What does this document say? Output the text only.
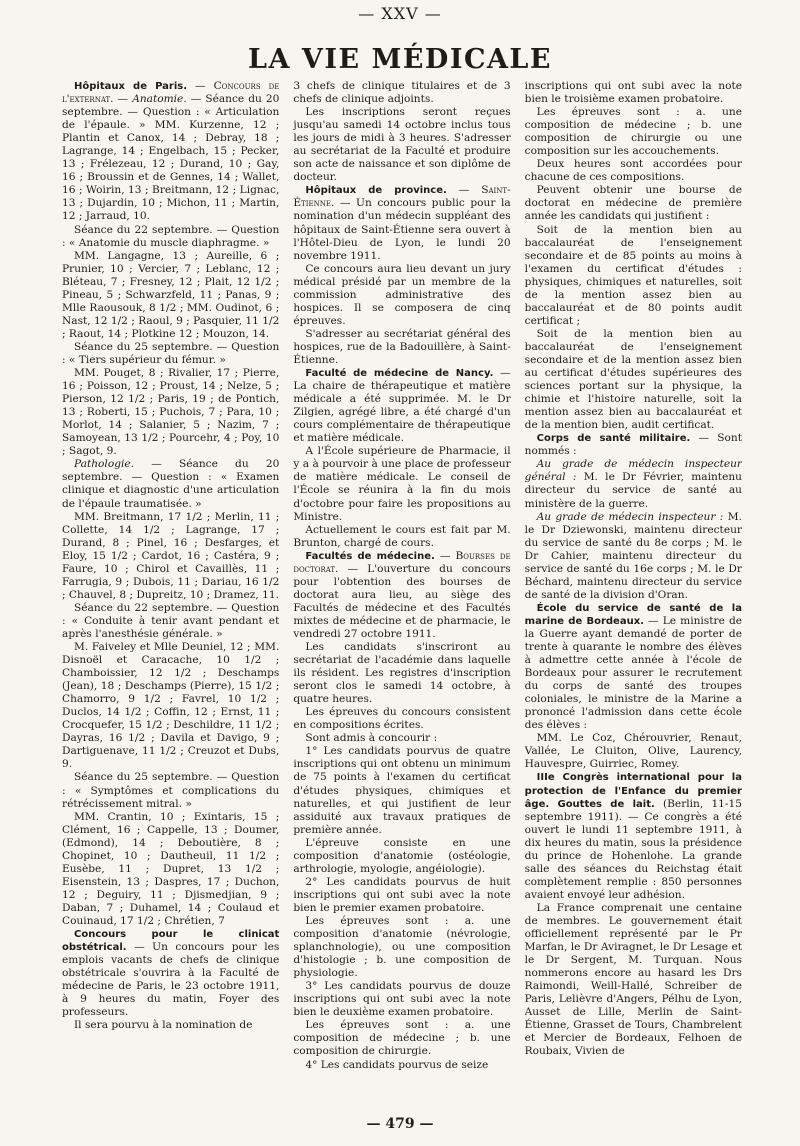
— XXV —
LA VIE MÉDICALE

Hôpitaux de Paris. — Concours de l'externat. — Anatomie. — Séance du 20 septembre. — Question : « Articulation de l'épaule. » MM. Kurzenne, 12 ; Plantin et Canox, 14 ; Debray, 18 ; Lagrange, 14 ; Engelbach, 15 ; Pecker, 13 ; Frélezeau, 12 ; Durand, 10 ; Gay, 16 ; Broussin et de Gennes, 14 ; Wallet, 16 ; Woirin, 13 ; Breitmann, 12 ; Lignac, 13 ; Dujardin, 10 ; Michon, 11 ; Martin, 12 ; Jarraud, 10.

Séance du 22 septembre. — Question : « Anatomie du muscle diaphragme. »

MM. Langagne, 13 ; Aureille, 6 ; Prunier, 10 ; Vercier, 7 ; Leblanc, 12 ; Bléteau, 7 ; Fresney, 12 ; Plait, 12 1/2 ; Pineau, 5 ; Schwarzfeld, 11 ; Panas, 9 ; Mlle Raousouk, 8 1/2 ; MM. Oudinot, 6 ; Nast, 12 1/2 ; Raoul, 9 ; Pasquier, 11 1/2 ; Raout, 14 ; Plotkine 12 ; Mouzon, 14.

Séance du 25 septembre. — Question : « Tiers supérieur du fémur. »

MM. Pouget, 8 ; Rivalier, 17 ; Pierre, 16 ; Poisson, 12 ; Proust, 14 ; Nelze, 5 ; Pierson, 12 1/2 ; Paris, 19 ; de Pontich, 13 ; Roberti, 15 ; Puchois, 7 ; Para, 10 ; Morlot, 14 ; Salanier, 5 ; Nazim, 7 ; Samoyean, 13 1/2 ; Pourcehr, 4 ; Poy, 10 ; Sagot, 9.

Pathologie. — Séance du 20 septembre. — Question : « Examen clinique et diagnostic d'une articulation de l'épaule traumatisée. »

MM. Breitmann, 17 1/2 ; Merlin, 11 ; Collette, 14 1/2 ; Lagrange, 17 ; Durand, 8 ; Pinel, 16 ; Desfarges, et Eloy, 15 1/2 ; Cardot, 16 ; Castéra, 9 ; Faure, 10 ; Chirol et Cavaillès, 11 ; Farrugia, 9 ; Dubois, 11 ; Dariau, 16 1/2 ; Chauvel, 8 ; Dupreitz, 10 ; Dramez, 11.

Séance du 22 septembre. — Question : « Conduite à tenir avant pendant et après l'anesthésie générale. »

M. Faiveley et Mlle Deuniel, 12 ; MM. Disnoël et Caracache, 10 1/2 ; Chamboissier, 12 1/2 ; Deschamps (Jean), 18 ; Deschamps (Pierre), 15 1/2 ; Chamorro, 9 1/2 ; Favrel, 10 1/2 ; Duclos, 14 1/2 ; Coffin, 12 ; Ernst, 11 ; Crocquefer, 15 1/2 ; Deschildre, 11 1/2 ; Dayras, 16 1/2 ; Davila et Davigo, 9 ; Dartiguenave, 11 1/2 ; Creuzot et Dubs, 9.

Séance du 25 septembre. — Question : « Symptômes et complications du rétrécissement mitral. »

MM. Crantin, 10 ; Exintaris, 15 ; Clément, 16 ; Cappelle, 13 ; Doumer, (Edmond), 14 ; Deboutière, 8 ; Chopinet, 10 ; Dautheuil, 11 1/2 ; Eusèbe, 11 ; Dupret, 13 1/2 ; Eisenstein, 13 ; Daspres, 17 ; Duchon, 12 ; Deguiry, 11 ; Djismedjian, 9 ; Daban, 7 ; Duhamel, 14 ; Coulaud et Couinaud, 17 1/2 ; Chrétien, 7

Concours pour le clinicat obstétrical. — Un concours pour les emplois vacants de chefs de clinique obstétricale s'ouvrira à la Faculté de médecine de Paris, le 23 octobre 1911, à 9 heures du matin, Foyer des professeurs.

Il sera pourvu à la nomination de

3 chefs de clinique titulaires et de 3 chefs de clinique adjoints.

Les inscriptions seront reçues jusqu'au samedi 14 octobre inclus tous les jours de midi à 3 heures. S'adresser au secrétariat de la Faculté et produire son acte de naissance et son diplôme de docteur.

Hôpitaux de province. — Saint-Étienne. — Un concours public pour la nomination d'un médecin suppléant des hôpitaux de Saint-Étienne sera ouvert à l'Hôtel-Dieu de Lyon, le lundi 20 novembre 1911.

Ce concours aura lieu devant un jury médical présidé par un membre de la commission administrative des hospices. Il se composera de cinq épreuves.

S'adresser au secrétariat général des hospices, rue de la Badouillère, à Saint-Étienne.

Faculté de médecine de Nancy. — La chaire de thérapeutique et matière médicale a été supprimée. M. le Dr Zilgien, agrégé libre, a été chargé d'un cours complémentaire de thérapeutique et matière médicale.

A l'École supérieure de Pharmacie, il y a à pourvoir à une place de professeur de matière médicale. Le conseil de l'École se réunira à la fin du mois d'octobre pour faire les propositions au Ministre.

Actuellement le cours est fait par M. Brunton, chargé de cours.

Facultés de médecine. — Bourses de doctorat. — L'ouverture du concours pour l'obtention des bourses de doctorat aura lieu, au siège des Facultés de médecine et des Facultés mixtes de médecine et de pharmacie, le vendredi 27 octobre 1911.

Les candidats s'inscriront au secrétariat de l'académie dans laquelle ils résident. Les registres d'inscription seront clos le samedi 14 octobre, à quatre heures.

Les épreuves du concours consistent en compositions écrites.

Sont admis à concourir :

1° Les candidats pourvus de quatre inscriptions qui ont obtenu un minimum de 75 points à l'examen du certificat d'études physiques, chimiques et naturelles, et qui justifient de leur assiduité aux travaux pratiques de première année.

L'épreuve consiste en une composition d'anatomie (ostéologie, arthrologie, myologie, angéiologie).

2° Les candidats pourvus de huit inscriptions qui ont subi avec la note bien le premier examen probatoire.

Les épreuves sont : a. une composition d'anatomie (névrologie, splanchnologie), ou une composition d'histologie ; b. une composition de physiologie.

3° Les candidats pourvus de douze inscriptions qui ont subi avec la note bien le deuxième examen probatoire.

Les épreuves sont : a. une composition de médecine ; b. une composition de chirurgie.

4° Les candidats pourvus de seize

inscriptions qui ont subi avec la note bien le troisième examen probatoire.

Les épreuves sont : a. une composition de médecine ; b. une composition de chirurgie ou une composition sur les accouchements.

Deux heures sont accordées pour chacune de ces compositions.

Peuvent obtenir une bourse de doctorat en médecine de première année les candidats qui justifient :

Soit de la mention bien au baccalauréat de l'enseignement secondaire et de 85 points au moins à l'examen du certificat d'études : physiques, chimiques et naturelles, soit de la mention assez bien au baccalauréat et de 80 points audit certificat ;

Soit de la mention bien au baccalauréat de l'enseignement secondaire et de la mention assez bien au certificat d'études supérieures des sciences portant sur la physique, la chimie et l'histoire naturelle, soit la mention assez bien au baccalauréat et de la mention bien, audit certificat.

Corps de santé militaire. — Sont nommés :

Au grade de médecin inspecteur général : M. le Dr Février, maintenu directeur du service de santé au ministère de la guerre.

Au grade de médecin inspecteur : M. le Dr Dziewonski, maintenu directeur du service de santé du 8e corps ; M. le Dr Cahier, maintenu directeur du service de santé du 16e corps ; M. le Dr Béchard, maintenu directeur du service de santé de la division d'Oran.

École du service de santé de la marine de Bordeaux. — Le ministre de la Guerre ayant demandé de porter de trente à quarante le nombre des élèves à admettre cette année à l'école de Bordeaux pour assurer le recrutement du corps de santé des troupes coloniales, le ministre de la Marine a prononcé l'admission dans cette école des élèves :

MM. Le Coz, Chérouvrier, Renaut, Vallée, Le Cluiton, Olive, Laurency, Hauvespre, Guirriec, Romey.

IIIe Congrès international pour la protection de l'Enfance du premier âge. Gouttes de lait. (Berlin, 11-15 septembre 1911). — Ce congrès a été ouvert le lundi 11 septembre 1911, à dix heures du matin, sous la présidence du prince de Hohenlohe. La grande salle des séances du Reichstag était complètement remplie : 850 personnes avaient envoyé leur adhésion.

La France comprenait une centaine de membres. Le gouvernement était officiellement représenté par le Pr Marfan, le Dr Aviragnet, le Dr Lesage et le Dr Sergent, M. Turquan. Nous nommerons encore au hasard les Drs Raimondi, Weill-Hallé, Schreiber de Paris, Lelièvre d'Angers, Pélhu de Lyon, Ausset de Lille, Merlin de Saint-Étienne, Grasset de Tours, Chambrelent et Mercier de Bordeaux, Felhoen de Roubaix, Vivien de

— 479 —
